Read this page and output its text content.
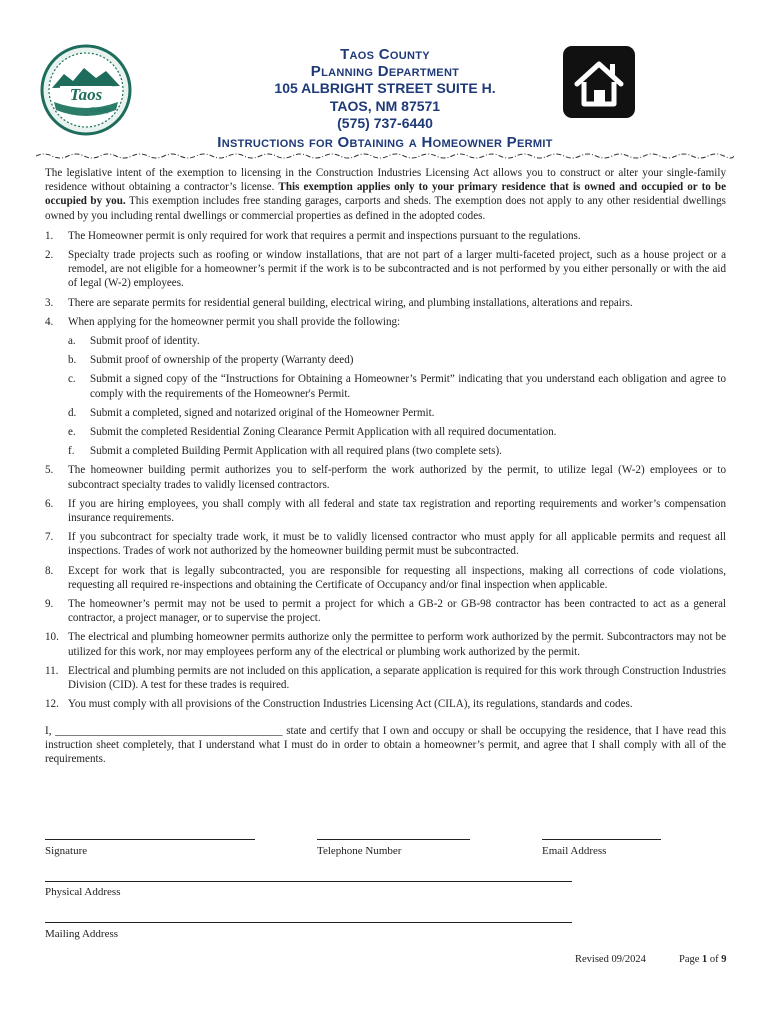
Taos
County
Taos County
Planning Department
105 ALBRIGHT STREET SUITE H.
TAOS, NM 87571
(575) 737-6440
Instructions for Obtaining a Homeowner Permit

The legislative intent of the exemption to licensing in the Construction Industries Licensing Act allows you to construct or alter your single-family residence without obtaining a contractor’s license. This exemption applies only to your primary residence that is owned and occupied or to be occupied by you. This exemption includes free standing garages, carports and sheds. The exemption does not apply to any other residential dwellings owned by you including rental dwellings or commercial properties as defined in the adopted codes.

1.	The Homeowner permit is only required for work that requires a permit and inspections pursuant to the regulations.
2.	Specialty trade projects such as roofing or window installations, that are not part of a larger multi-faceted project, such as a house project or a remodel, are not eligible for a homeowner’s permit if the work is to be subcontracted and is not performed by you either personally or with the aid of legal (W-2) employees.
3.	There are separate permits for residential general building, electrical wiring, and plumbing installations, alterations and repairs.
4.	When applying for the homeowner permit you shall provide the following:
a.	Submit proof of identity.
b.	Submit proof of ownership of the property (Warranty deed)
c.	Submit a signed copy of the “Instructions for Obtaining a Homeowner’s Permit” indicating that you understand each obligation and agree to comply with the requirements of the Homeowner's Permit.
d.	Submit a completed, signed and notarized original of the Homeowner Permit.
e.	Submit the completed Residential Zoning Clearance Permit Application with all required documentation.
f.	Submit a completed Building Permit Application with all required plans (two complete sets).
5.	The homeowner building permit authorizes you to self-perform the work authorized by the permit, to utilize legal (W-2) employees or to subcontract specialty trades to validly licensed contractors.
6.	If you are hiring employees, you shall comply with all federal and state tax registration and reporting requirements and worker’s compensation insurance requirements.
7.	If you subcontract for specialty trade work, it must be to validly licensed contractor who must apply for all applicable permits and request all inspections. Trades of work not authorized by the homeowner building permit must be subcontracted.
8.	Except for work that is legally subcontracted, you are responsible for requesting all inspections, making all corrections of code violations, requesting all required re-inspections and obtaining the Certificate of Occupancy and/or final inspection when applicable.
9.	The homeowner’s permit may not be used to permit a project for which a GB-2 or GB-98 contractor has been contracted to act as a general contractor, a project manager, or to supervise the project.
10. The electrical and plumbing homeowner permits authorize only the permittee to perform work authorized by the permit. Subcontractors may not be utilized for this work, nor may employees perform any of the electrical or plumbing work authorized by the permit.
11. Electrical and plumbing permits are not included on this application, a separate application is required for this work through Construction Industries Division (CID). A test for these trades is required.
12. You must comply with all provisions of the Construction Industries Licensing Act (CILA), its regulations, standards and codes.

I, _________________________________________ state and certify that I own and occupy or shall be occupying the residence, that I have read this instruction sheet completely, that I understand what I must do in order to obtain a homeowner’s permit, and agree that I shall comply with all of the requirements.

Signature	Telephone Number	Email Address
Physical Address
Mailing Address
Revised 09/2024	Page 1 of 9
